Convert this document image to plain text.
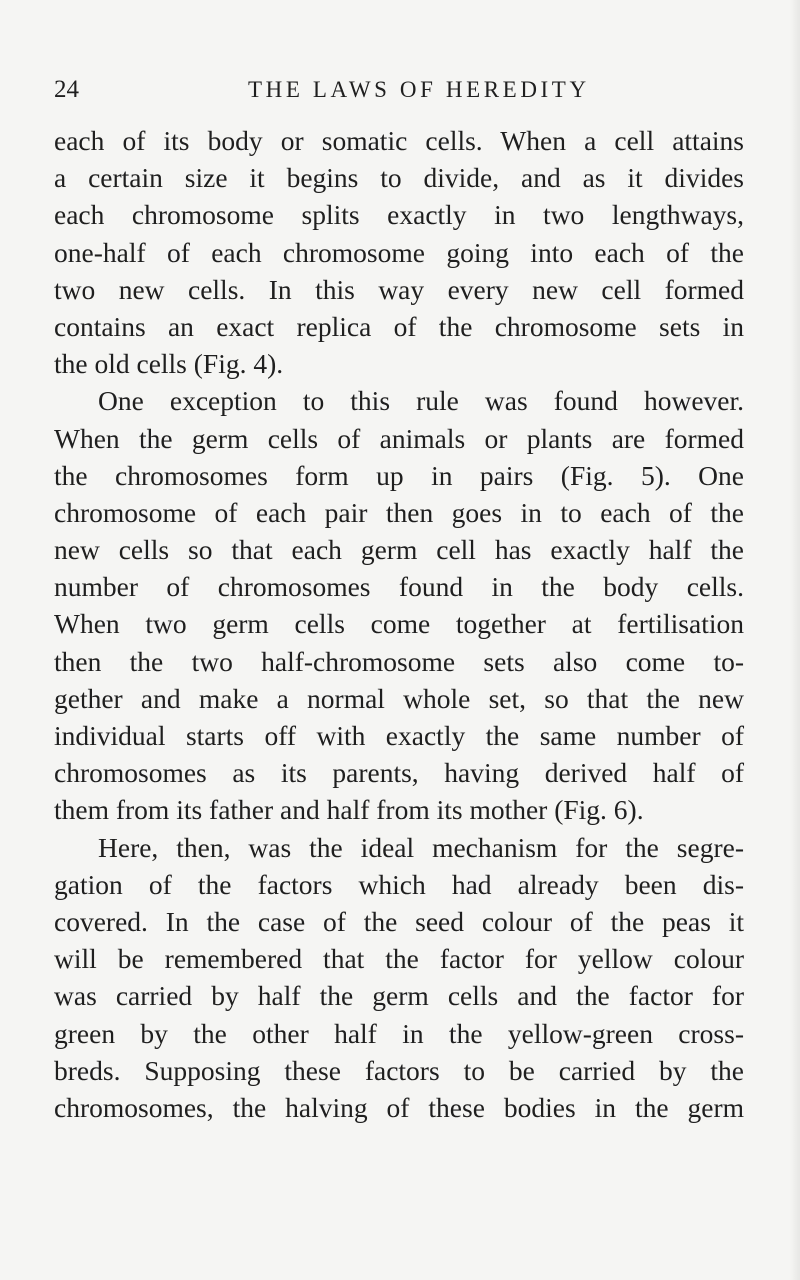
24	THE LAWS OF HEREDITY
each of its body or somatic cells. When a cell attains
a certain size it begins to divide, and as it divides
each chromosome splits exactly in two lengthways,
one-half of each chromosome going into each of the
two new cells. In this way every new cell formed
contains an exact replica of the chromosome sets in
the old cells (Fig. 4).
One exception to this rule was found however.
When the germ cells of animals or plants are formed
the chromosomes form up in pairs (Fig. 5). One
chromosome of each pair then goes in to each of the
new cells so that each germ cell has exactly half the
number of chromosomes found in the body cells.
When two germ cells come together at fertilisation
then the two half-chromosome sets also come to-
gether and make a normal whole set, so that the new
individual starts off with exactly the same number of
chromosomes as its parents, having derived half of
them from its father and half from its mother (Fig. 6).
Here, then, was the ideal mechanism for the segre-
gation of the factors which had already been dis-
covered. In the case of the seed colour of the peas it
will be remembered that the factor for yellow colour
was carried by half the germ cells and the factor for
green by the other half in the yellow-green cross-
breds. Supposing these factors to be carried by the
chromosomes, the halving of these bodies in the germ
